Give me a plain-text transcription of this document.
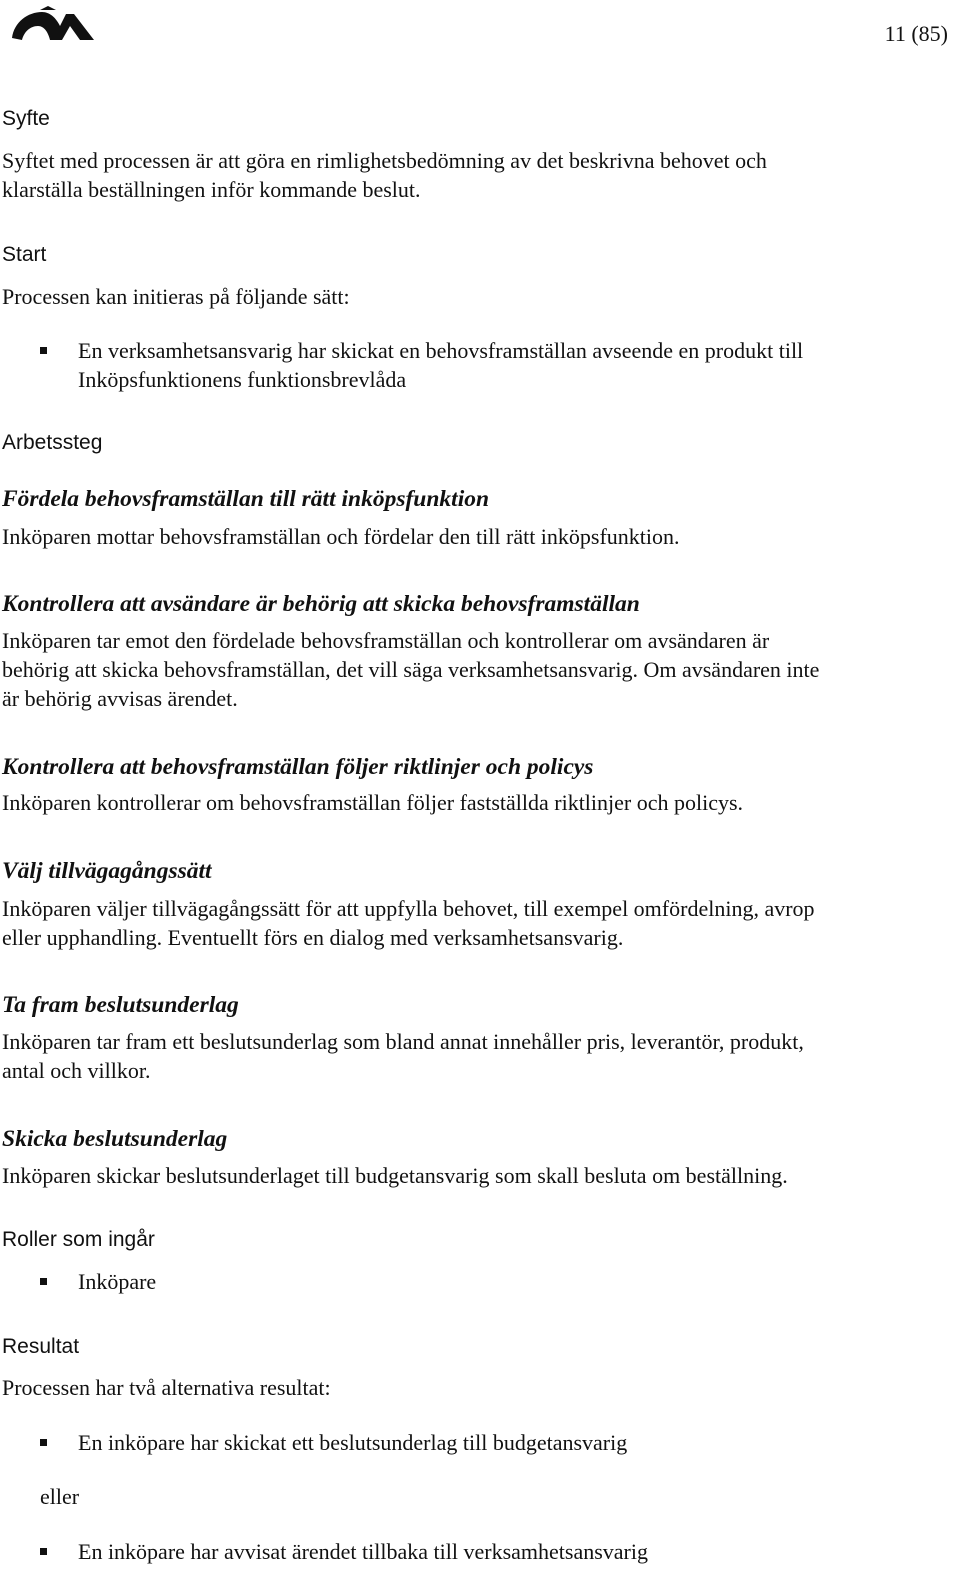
11 (85)
Syfte
Syftet med processen är att göra en rimlighetsbedömning av det beskrivna behovet och
klarställa beställningen inför kommande beslut.
Start
Processen kan initieras på följande sätt:
En verksamhetsansvarig har skickat en behovsframställan avseende en produkt till
Inköpsfunktionens funktionsbrevlåda
Arbetssteg
Fördela behovsframställan till rätt inköpsfunktion
Inköparen mottar behovsframställan och fördelar den till rätt inköpsfunktion.
Kontrollera att avsändare är behörig att skicka behovsframställan
Inköparen tar emot den fördelade behovsframställan och kontrollerar om avsändaren är
behörig att skicka behovsframställan, det vill säga verksamhetsansvarig. Om avsändaren inte
är behörig avvisas ärendet.
Kontrollera att behovsframställan följer riktlinjer och policys
Inköparen kontrollerar om behovsframställan följer fastställda riktlinjer och policys.
Välj tillvägagångssätt
Inköparen väljer tillvägagångssätt för att uppfylla behovet, till exempel omfördelning, avrop
eller upphandling. Eventuellt förs en dialog med verksamhetsansvarig.
Ta fram beslutsunderlag
Inköparen tar fram ett beslutsunderlag som bland annat innehåller pris, leverantör, produkt,
antal och villkor.
Skicka beslutsunderlag
Inköparen skickar beslutsunderlaget till budgetansvarig som skall besluta om beställning.
Roller som ingår
Inköpare
Resultat
Processen har två alternativa resultat:
En inköpare har skickat ett beslutsunderlag till budgetansvarig
eller
En inköpare har avvisat ärendet tillbaka till verksamhetsansvarig
